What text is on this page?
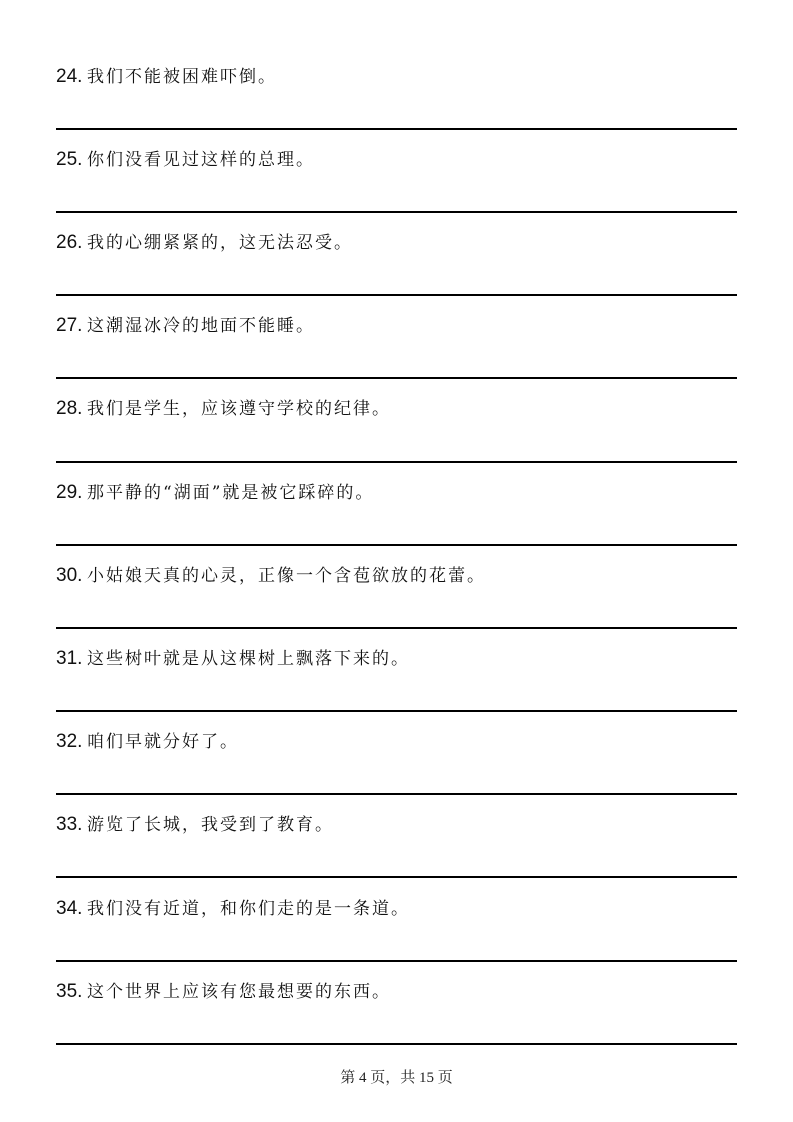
24. 我们不能被困难吓倒。
25. 你们没看见过这样的总理。
26. 我的心绷紧紧的，这无法忍受。
27. 这潮湿冰冷的地面不能睡。
28. 我们是学生，应该遵守学校的纪律。
29. 那平静的“湖面”就是被它踩碎的。
30. 小姑娘天真的心灵，正像一个含苞欲放的花蕾。
31. 这些树叶就是从这棵树上飘落下来的。
32. 咱们早就分好了。
33. 游览了长城，我受到了教育。
34. 我们没有近道，和你们走的是一条道。
35. 这个世界上应该有您最想要的东西。
第 4 页，共 15 页
